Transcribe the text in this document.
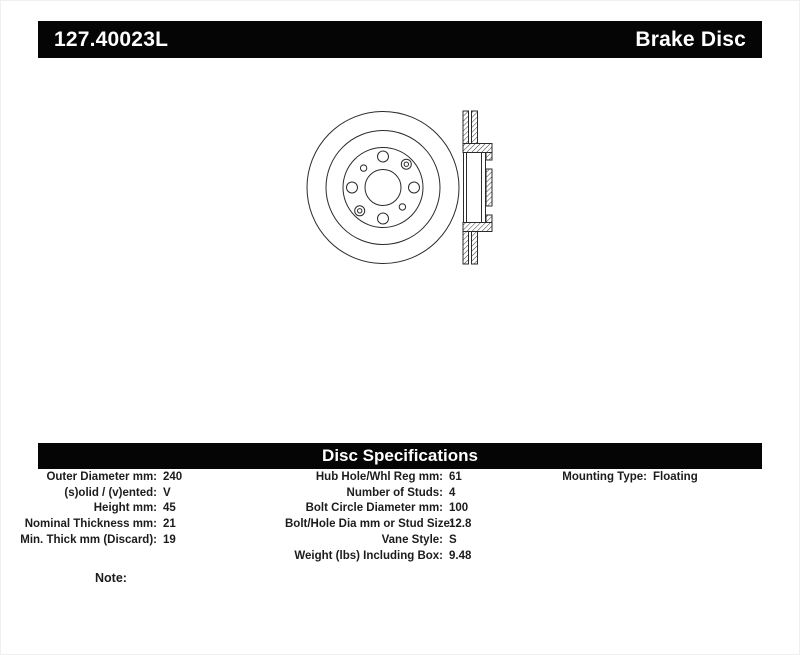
127.40023L	Brake Disc
Disc Specifications
Outer Diameter mm: 240
(s)olid / (v)ented: V
Height mm: 45
Nominal Thickness mm: 21
Min. Thick mm (Discard): 19
Hub Hole/Whl Reg mm: 61
Number of Studs: 4
Bolt Circle Diameter mm: 100
Bolt/Hole Dia mm or Stud Size:
12.8
Vane Style: S
Weight (lbs) Including Box: 9.48
Mounting Type: Floating
Note:
